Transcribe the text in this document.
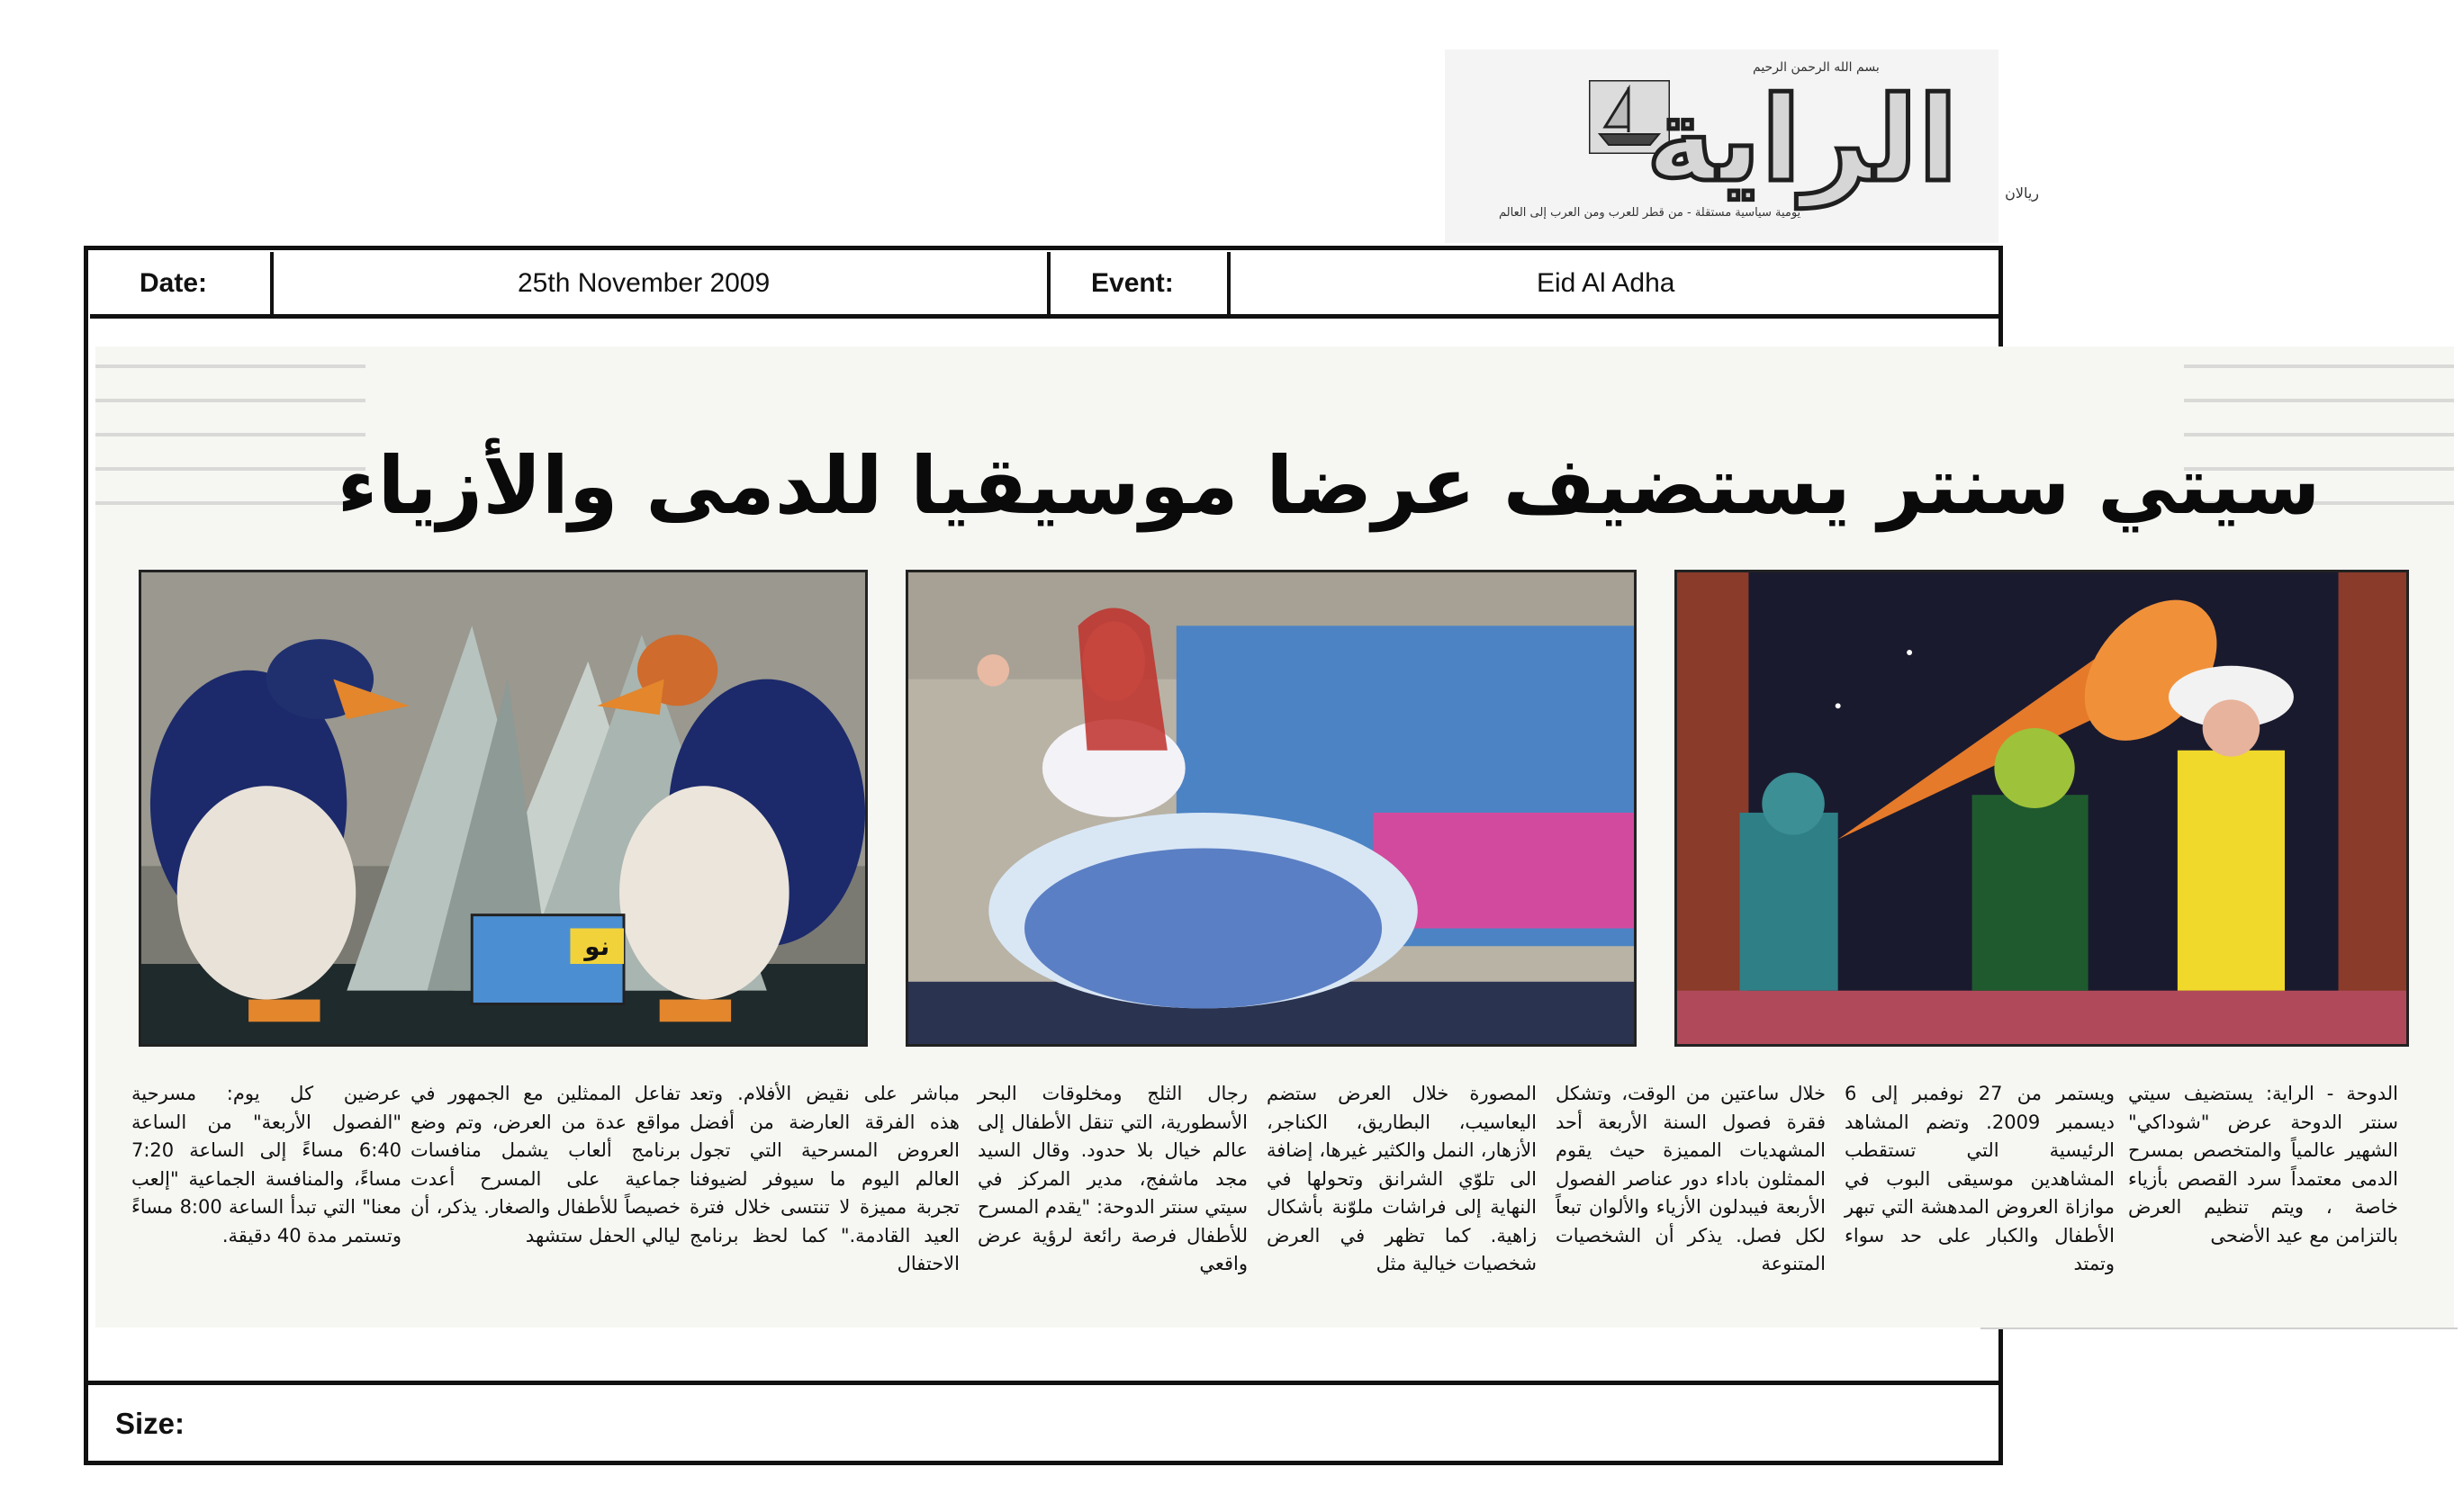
بسم الله الرحمن الرحيم
الراية	ريالان
يومية سياسية مستقلة - من قطر للعرب ومن العرب إلى العالم
Date:	25th November 2009	Event:	Eid Al Adha
Size:
سيتي سنتر يستضيف عرضا موسيقيا للدمى والأزياء
نو

الدوحة - الراية: يستضيف سيتي سنتر الدوحة عرض "شوداكي" الشهير عالمياً والمتخصص بمسرح الدمى معتمداً سرد القصص بأزياء خاصة ، ويتم تنظيم العرض بالتزامن مع عيد الأضحى

ويستمر من 27 نوفمبر إلى 6 ديسمبر 2009. وتضم المشاهد الرئيسية التي تستقطب المشاهدين موسيقى البوب في موازاة العروض المدهشة التي تبهر الأطفال والكبار على حد سواء وتمتد

خلال ساعتين من الوقت، وتشكل فقرة فصول السنة الأربعة أحد المشهديات المميزة حيث يقوم الممثلون باداء دور عناصر الفصول الأربعة فيبدلون الأزياء والألوان تبعاً لكل فصل. يذكر أن الشخصيات المتنوعة

المصورة خلال العرض ستضم اليعاسيب، البطاريق، الكناجر، الأزهار، النمل والكثير غيرها، إضافة الى تلوّي الشرانق وتحولها في النهاية إلى فراشات ملوّنة بأشكال زاهية. كما تظهر في العرض شخصيات خيالية مثل

رجال الثلج ومخلوقات البحر الأسطورية، التي تنقل الأطفال إلى عالم خيال بلا حدود. وقال السيد مجد ماشفج، مدير المركز في سيتي سنتر الدوحة: "يقدم المسرح للأطفال فرصة رائعة لرؤية عرض واقعي

مباشر على نقيض الأفلام. وتعد هذه الفرقة العارضة من أفضل العروض المسرحية التي تجول العالم اليوم ما سيوفر لضيوفنا تجربة مميزة لا تنتسى خلال فترة العيد القادمة." كما لحظ برنامج الاحتفال

تفاعل الممثلين مع الجمهور في مواقع عدة من العرض، وتم وضع برنامج ألعاب يشمل منافسات جماعية على المسرح أعدت خصيصاً للأطفال والصغار. يذكر، أن ليالي الحفل ستشهد

عرضين كل يوم: مسرحية "الفصول الأربعة" من الساعة 6:40 مساءً إلى الساعة 7:20 مساءً، والمنافسة الجماعية "إلعب معنا" التي تبدأ الساعة 8:00 مساءً وتستمر مدة 40 دقيقة.
